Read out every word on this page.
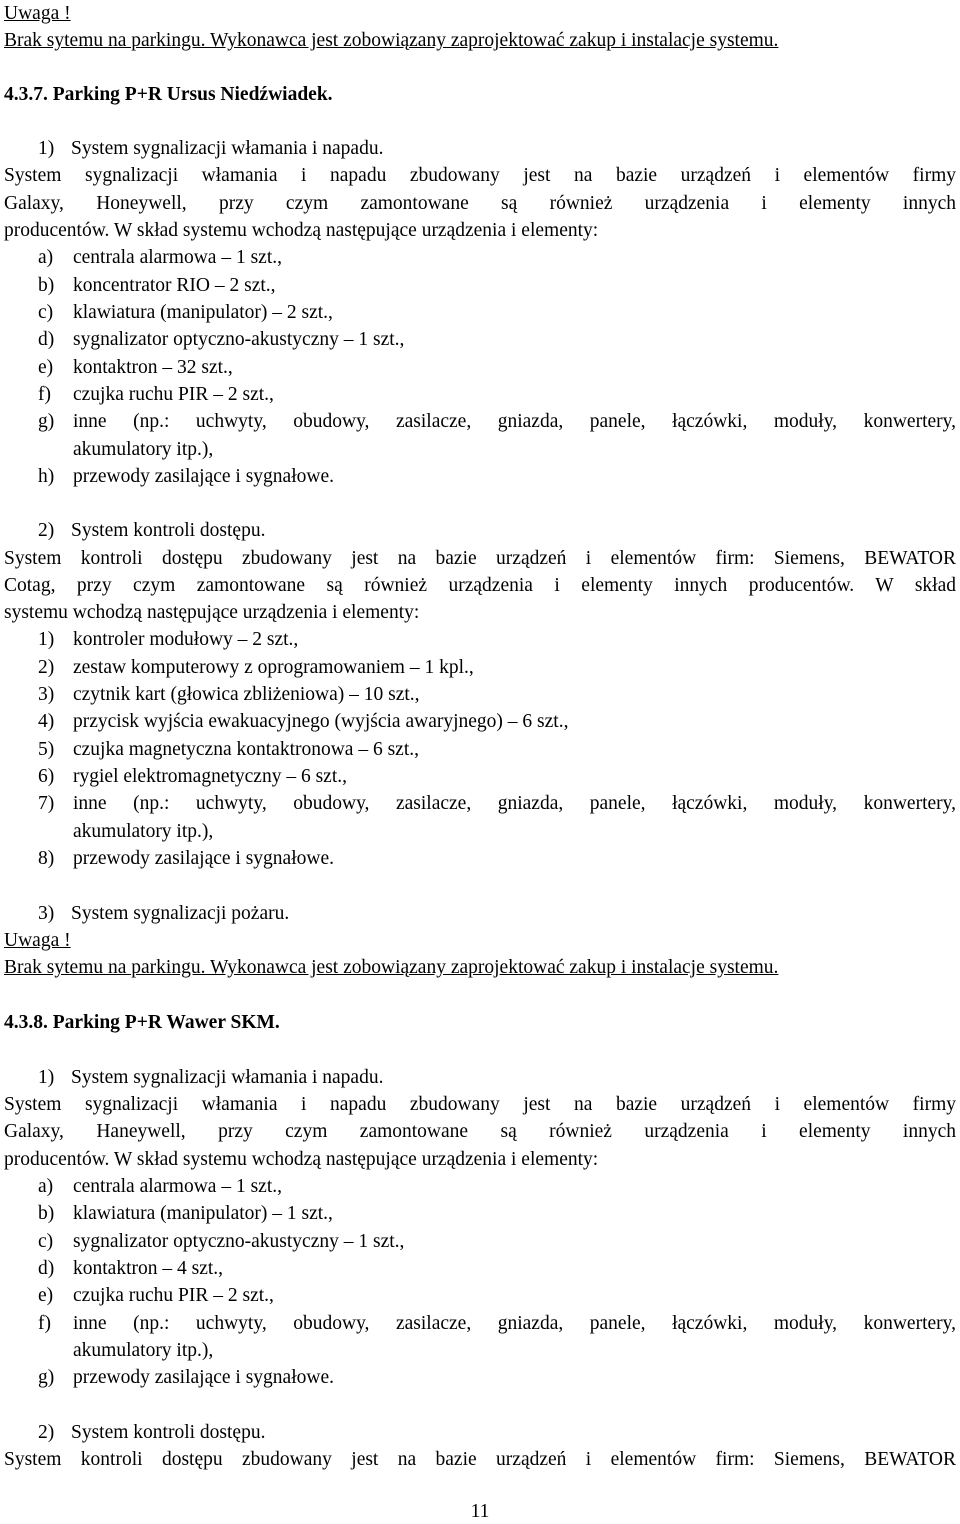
Uwaga !
Brak sytemu na parkingu. Wykonawca jest zobowiązany zaprojektować zakup i instalacje systemu.
4.3.7. Parking P+R Ursus Niedźwiadek.
1) System sygnalizacji włamania i napadu.
System sygnalizacji włamania i napadu zbudowany jest na bazie urządzeń i elementów firmy
Galaxy, Honeywell, przy czym zamontowane są również urządzenia i elementy innych
producentów. W skład systemu wchodzą następujące urządzenia i elementy:
a) centrala alarmowa – 1 szt.,
b) koncentrator RIO – 2 szt.,
c) klawiatura (manipulator) – 2 szt.,
d) sygnalizator optyczno-akustyczny – 1 szt.,
e) kontaktron – 32 szt.,
f) czujka ruchu PIR – 2 szt.,
g) inne (np.: uchwyty, obudowy, zasilacze, gniazda, panele, łączówki, moduły, konwertery,
akumulatory itp.),
h) przewody zasilające i sygnałowe.
2) System kontroli dostępu.
System kontroli dostępu zbudowany jest na bazie urządzeń i elementów firm: Siemens, BEWATOR
Cotag, przy czym zamontowane są również urządzenia i elementy innych producentów. W skład
systemu wchodzą następujące urządzenia i elementy:
1) kontroler modułowy – 2 szt.,
2) zestaw komputerowy z oprogramowaniem – 1 kpl.,
3) czytnik kart (głowica zbliżeniowa) – 10 szt.,
4) przycisk wyjścia ewakuacyjnego (wyjścia awaryjnego) – 6 szt.,
5) czujka magnetyczna kontaktronowa – 6 szt.,
6) rygiel elektromagnetyczny – 6 szt.,
7) inne (np.: uchwyty, obudowy, zasilacze, gniazda, panele, łączówki, moduły, konwertery,
akumulatory itp.),
8) przewody zasilające i sygnałowe.
3) System sygnalizacji pożaru.
Uwaga !
Brak sytemu na parkingu. Wykonawca jest zobowiązany zaprojektować zakup i instalacje systemu.
4.3.8. Parking P+R Wawer SKM.
1) System sygnalizacji włamania i napadu.
System sygnalizacji włamania i napadu zbudowany jest na bazie urządzeń i elementów firmy
Galaxy, Haneywell, przy czym zamontowane są również urządzenia i elementy innych
producentów. W skład systemu wchodzą następujące urządzenia i elementy:
a) centrala alarmowa – 1 szt.,
b) klawiatura (manipulator) – 1 szt.,
c) sygnalizator optyczno-akustyczny – 1 szt.,
d) kontaktron – 4 szt.,
e) czujka ruchu PIR – 2 szt.,
f) inne (np.: uchwyty, obudowy, zasilacze, gniazda, panele, łączówki, moduły, konwertery,
akumulatory itp.),
g) przewody zasilające i sygnałowe.
2) System kontroli dostępu.
System kontroli dostępu zbudowany jest na bazie urządzeń i elementów firm: Siemens, BEWATOR
11
